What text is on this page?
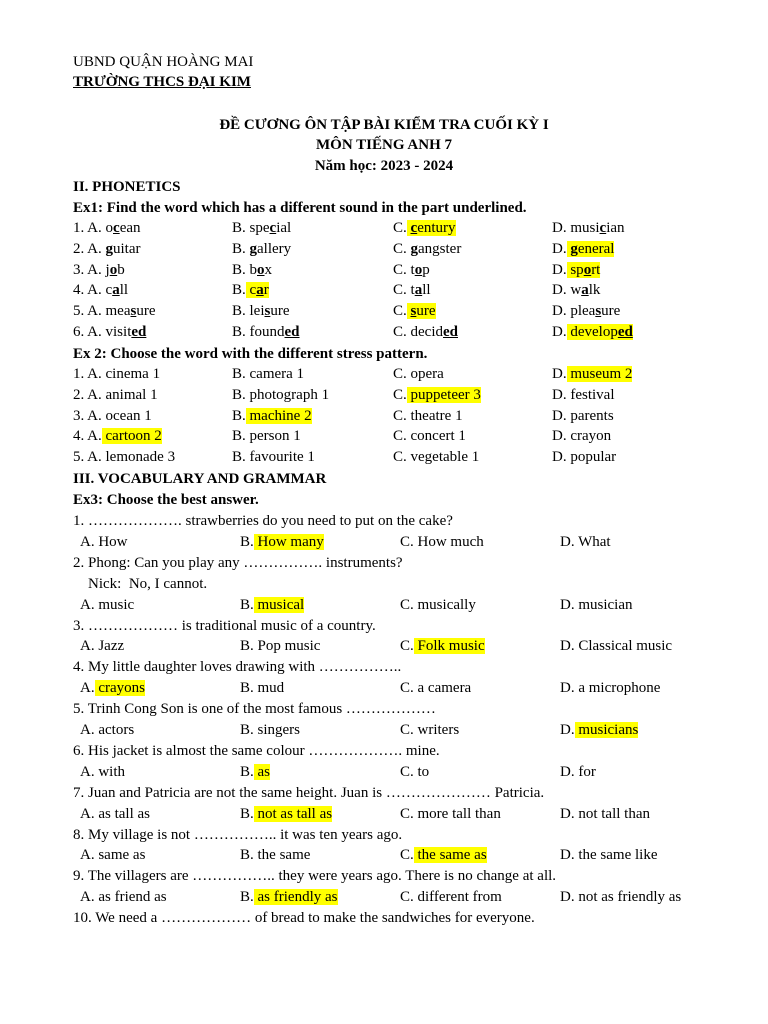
UBND QUẬN HOÀNG MAI
TRƯỜNG THCS ĐẠI KIM
ĐỀ CƯƠNG ÔN TẬP BÀI KIỂM TRA CUỐI KỲ I
MÔN TIẾNG ANH 7
Năm học: 2023 - 2024
II. PHONETICS
Ex1: Find the word which has a different sound in the part underlined.
Ex 2: Choose the word with the different stress pattern.
III. VOCABULARY AND GRAMMAR
Ex3: Choose the best answer.
1. A. ocean	B. special	C. century	D. musician
2. A. guitar	B. gallery	C. gangster	D. general
3. A. job	B. box	C. top	D. sport
4. A. call	B. car	C. tall	D. walk
5. A. measure	B. leisure	C. sure	D. pleasure
6. A. visited	B. founded	C. decided	D. developed
1. A. cinema 1	B. camera 1	C. opera	D. museum 2
2. A. animal 1	B. photograph 1	C. puppeteer 3	D. festival
3. A. ocean 1	B. machine 2	C. theatre 1	D. parents
4. A. cartoon 2	B. person 1	C. concert 1	D. crayon
5. A. lemonade 3	B. favourite 1	C. vegetable 1	D. popular
1. ………………. strawberries do you need to put on the cake?
A. How	B. How many	C. How much	D. What
2. Phong: Can you play any ……………. instruments?
Nick:  No, I cannot.
A. music	B. musical	C. musically	D. musician
3. ……………… is traditional music of a country.
A. Jazz	B. Pop music	C. Folk music	D. Classical music
4. My little daughter loves drawing with ……………..
A. crayons	B. mud	C. a camera	D. a microphone
5. Trinh Cong Son is one of the most famous ………………
A. actors	B. singers	C. writers	D. musicians
6. His jacket is almost the same colour ………………. mine.
A. with	B. as	C. to	D. for
7. Juan and Patricia are not the same height. Juan is ………………… Patricia.
A. as tall as	B. not as tall as	C. more tall than	D. not tall than
8. My village is not …………….. it was ten years ago.
A. same as	B. the same	C. the same as	D. the same like
9. The villagers are …………….. they were years ago. There is no change at all.
A. as friend as	B. as friendly as	C. different from	D. not as friendly as
10. We need a ……………… of bread to make the sandwiches for everyone.
